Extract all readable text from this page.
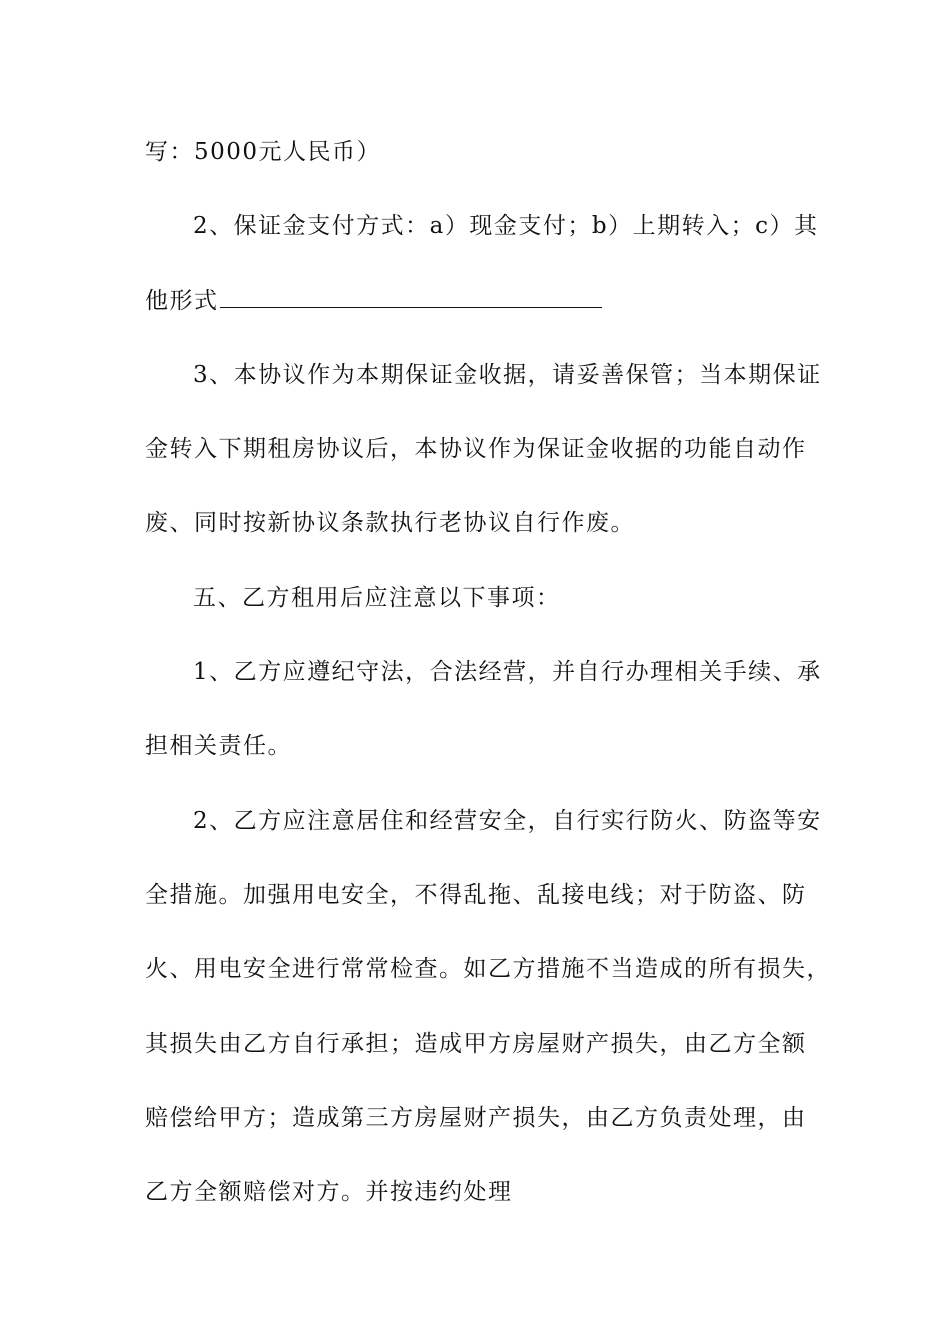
写：5000元人民币）
2、保证金支付方式：a）现金支付；b）上期转入；c）其
他形式
3、本协议作为本期保证金收据，请妥善保管；当本期保证
金转入下期租房协议后，本协议作为保证金收据的功能自动作
废、同时按新协议条款执行老协议自行作废。
五、乙方租用后应注意以下事项：
1、乙方应遵纪守法，合法经营，并自行办理相关手续、承
担相关责任。
2、乙方应注意居住和经营安全，自行实行防火、防盗等安
全措施。加强用电安全，不得乱拖、乱接电线；对于防盗、防
火、用电安全进行常常检查。如乙方措施不当造成的所有损失，
其损失由乙方自行承担；造成甲方房屋财产损失，由乙方全额
赔偿给甲方；造成第三方房屋财产损失，由乙方负责处理，由
乙方全额赔偿对方。并按违约处理
